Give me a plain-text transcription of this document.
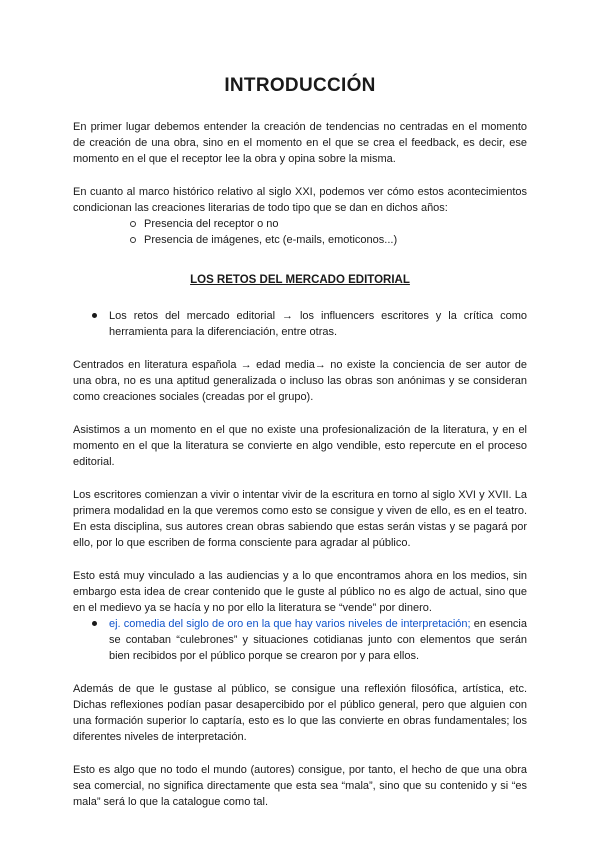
INTRODUCCIÓN

En primer lugar debemos entender la creación de tendencias no centradas en el momento de creación de una obra, sino en el momento en el que se crea el feedback, es decir, ese momento en el que el receptor lee la obra y opina sobre la misma.

En cuanto al marco histórico relativo al siglo XXI, podemos ver cómo estos acontecimientos condicionan las creaciones literarias de todo tipo que se dan en dichos años:

Presencia del receptor o no
Presencia de imágenes, etc (e-mails, emoticonos...)
LOS RETOS DEL MERCADO EDITORIAL
Los retos del mercado editorial → los influencers escritores y la crítica como herramienta para la diferenciación, entre otras.

Centrados en literatura española → edad media→ no existe la conciencia de ser autor de una obra, no es una aptitud generalizada o incluso las obras son anónimas y se consideran como creaciones sociales (creadas por el grupo).

Asistimos a un momento en el que no existe una profesionalización de la literatura, y en el momento en el que la literatura se convierte en algo vendible, esto repercute en el proceso editorial.

Los escritores comienzan a vivir o intentar vivir de la escritura en torno al siglo XVI y XVII. La primera modalidad en la que veremos como esto se consigue y viven de ello, es en el teatro. En esta disciplina, sus autores crean obras sabiendo que estas serán vistas y se pagará por ello, por lo que escriben de forma consciente para agradar al público.

Esto está muy vinculado a las audiencias y a lo que encontramos ahora en los medios, sin embargo esta idea de crear contenido que le guste al público no es algo de actual, sino que en el medievo ya se hacía y no por ello la literatura se “vende” por dinero.

ej. comedia del siglo de oro en la que hay varios niveles de interpretación; en esencia se contaban “culebrones” y situaciones cotidianas junto con elementos que serán bien recibidos por el público porque se crearon por y para ellos.

Además de que le gustase al público, se consigue una reflexión filosófica, artística, etc. Dichas reflexiones podían pasar desapercibido por el público general, pero que alguien con una formación superior lo captaría, esto es lo que las convierte en obras fundamentales; los diferentes niveles de interpretación.

Esto es algo que no todo el mundo (autores) consigue, por tanto, el hecho de que una obra sea comercial, no significa directamente que esta sea “mala”, sino que su contenido y si “es mala” será lo que la catalogue como tal.
